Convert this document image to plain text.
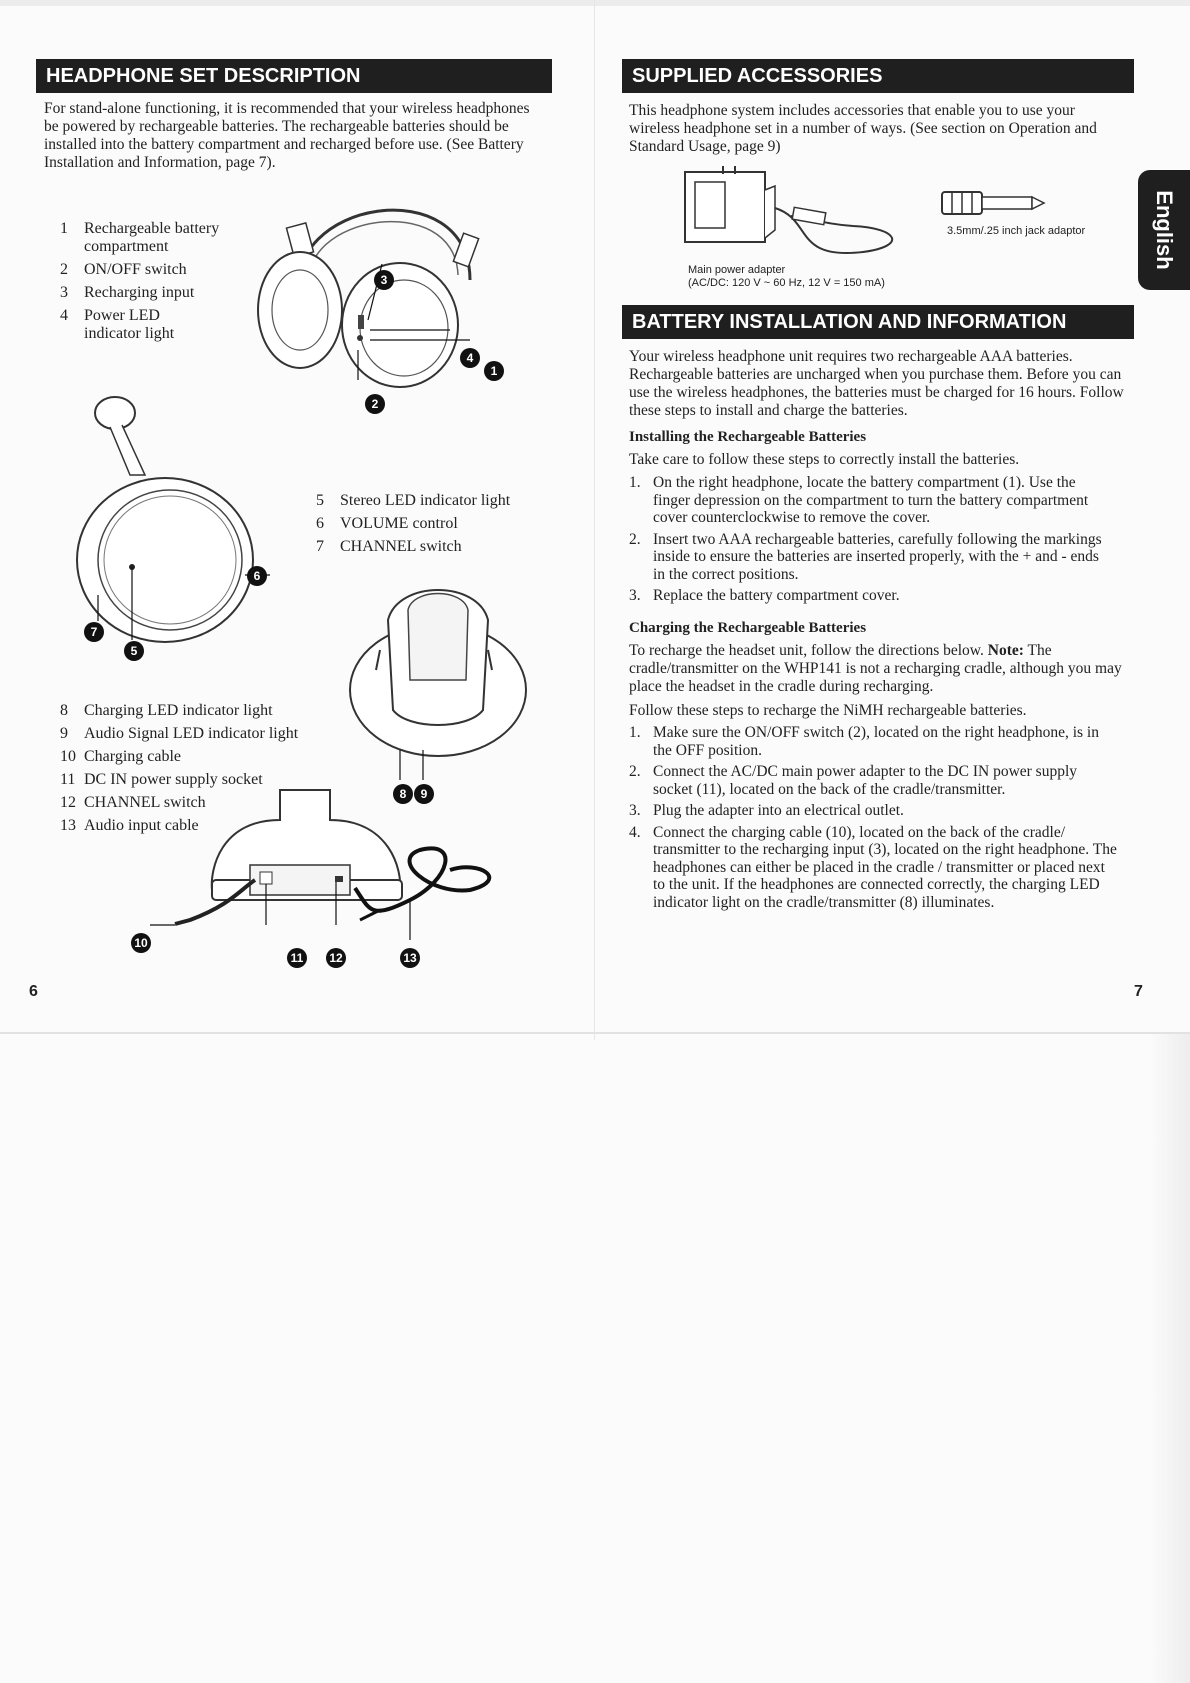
HEADPHONE SET DESCRIPTION
For stand-alone functioning, it is recommended that your wireless headphones be powered by rechargeable batteries. The rechargeable batteries should be installed into the battery compartment and recharged before use. (See Battery Installation and Information, page 7).
1	Rechargeable battery compartment
2	ON/OFF switch
3	Recharging input
4	Power LED indicator light
5	Stereo LED indicator light
6	VOLUME control
7	CHANNEL switch
8	Charging LED indicator light
9	Audio Signal LED indicator light
10 Charging cable
11 DC IN power supply socket
12 CHANNEL switch
13 Audio input cable
3
4
1
2
6
7
5
8	9
10
11	12	13
6
SUPPLIED ACCESSORIES
This headphone system includes accessories that enable you to use your wireless headphone set in a number of ways. (See section on Operation and Standard Usage, page 9)
Main power adapter
(AC/DC: 120 V ~ 60 Hz, 12 V = 150 mA)
3.5mm/.25 inch jack adaptor	English
BATTERY INSTALLATION AND INFORMATION
Your wireless headphone unit requires two rechargeable AAA batteries. Rechargeable batteries are uncharged when you purchase them. Before you can use the wireless headphones, the batteries must be charged for 16 hours. Follow these steps to install and charge the batteries.
Installing the Rechargeable Batteries
Take care to follow these steps to correctly install the batteries.
1. On the right headphone, locate the battery compartment (1). Use the finger depression on the compartment to turn the battery compartment cover counterclockwise to remove the cover.
2. Insert two AAA rechargeable batteries, carefully following the markings inside to ensure the batteries are inserted properly, with the + and - ends in the correct positions.
3. Replace the battery compartment cover.
Charging the Rechargeable Batteries
To recharge the headset unit, follow the directions below. Note: The cradle/transmitter on the WHP141 is not a recharging cradle, although you may place the headset in the cradle during recharging.
Follow these steps to recharge the NiMH rechargeable batteries.
1. Make sure the ON/OFF switch (2), located on the right headphone, is in the OFF position.
2. Connect the AC/DC main power adapter to the DC IN power supply socket (11), located on the back of the cradle/transmitter.
3. Plug the adapter into an electrical outlet.
4. Connect the charging cable (10), located on the back of the cradle/ transmitter to the recharging input (3), located on the right headphone. The headphones can either be placed in the cradle / transmitter or placed next to the unit. If the headphones are connected correctly, the charging LED indicator light on the cradle/transmitter (8) illuminates.
7
